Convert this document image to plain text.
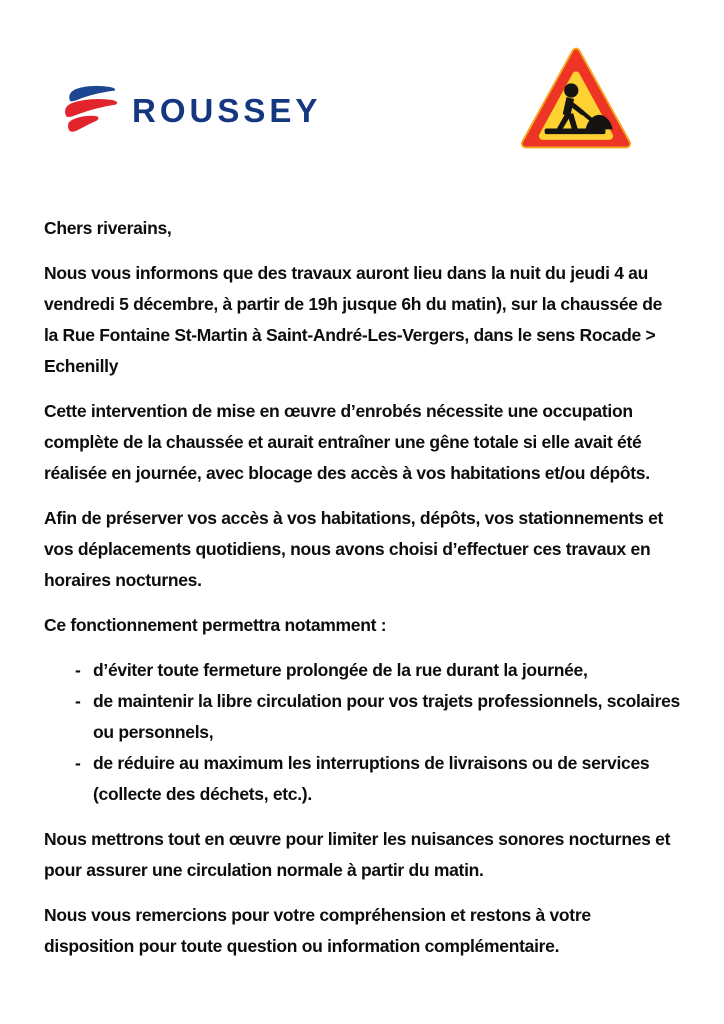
ROUSSEY

Chers riverains,

Nous vous informons que des travaux auront lieu dans la nuit du jeudi 4 au vendredi 5 décembre, à partir de 19h jusque 6h du matin), sur la chaussée de la Rue Fontaine St-Martin à Saint-André-Les-Vergers, dans le sens Rocade > Echenilly

Cette intervention de mise en œuvre d’enrobés nécessite une occupation complète de la chaussée et aurait entraîner une gêne totale si elle avait été réalisée en journée, avec blocage des accès à vos habitations et/ou dépôts.

Afin de préserver vos accès à vos habitations, dépôts, vos stationnements et vos déplacements quotidiens, nous avons choisi d’effectuer ces travaux en horaires nocturnes.

Ce fonctionnement permettra notamment :

- d’éviter toute fermeture prolongée de la rue durant la journée,
- de maintenir la libre circulation pour vos trajets professionnels, scolaires ou personnels,
- de réduire au maximum les interruptions de livraisons ou de services (collecte des déchets, etc.).

Nous mettrons tout en œuvre pour limiter les nuisances sonores nocturnes et pour assurer une circulation normale à partir du matin.

Nous vous remercions pour votre compréhension et restons à votre disposition pour toute question ou information complémentaire.
